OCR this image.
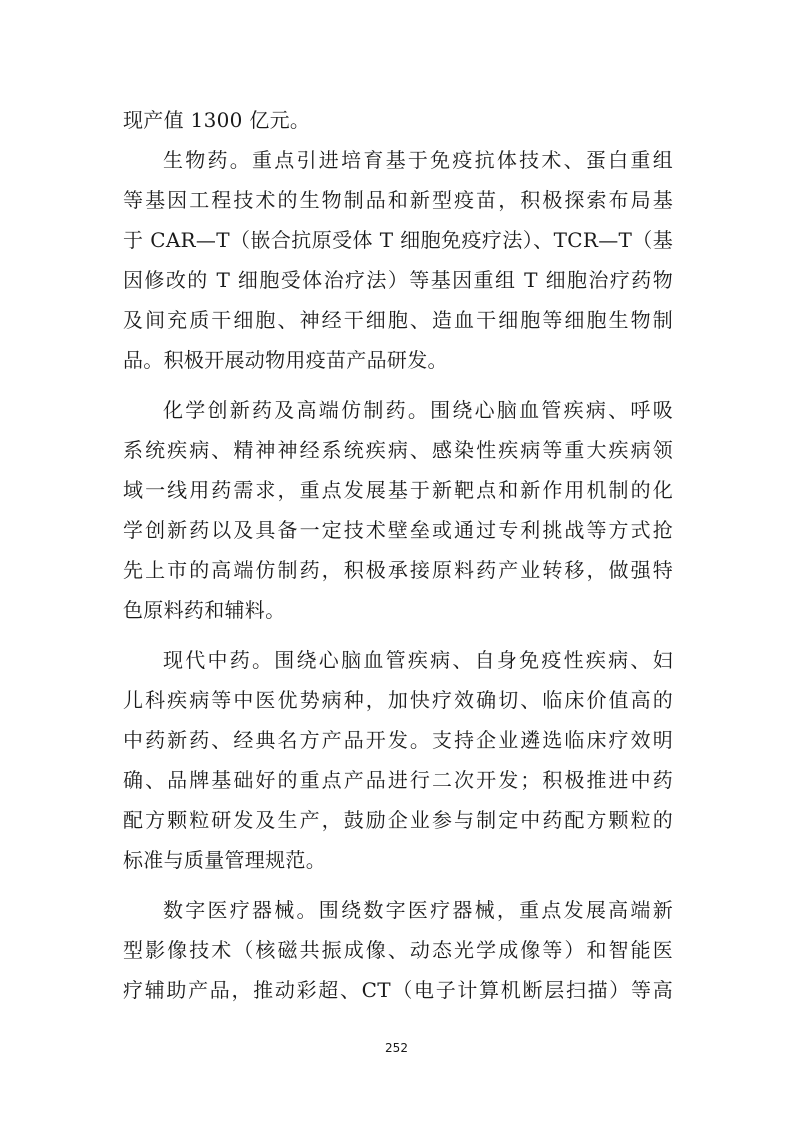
现产值 1300 亿元。
生物药。重点引进培育基于免疫抗体技术、蛋白重组
等基因工程技术的生物制品和新型疫苗，积极探索布局基
于 CAR—T（嵌合抗原受体 T 细胞免疫疗法）、TCR—T（基
因修改的 T 细胞受体治疗法）等基因重组 T 细胞治疗药物
及间充质干细胞、神经干细胞、造血干细胞等细胞生物制
品。积极开展动物用疫苗产品研发。
化学创新药及高端仿制药。围绕心脑血管疾病、呼吸
系统疾病、精神神经系统疾病、感染性疾病等重大疾病领
域一线用药需求，重点发展基于新靶点和新作用机制的化
学创新药以及具备一定技术壁垒或通过专利挑战等方式抢
先上市的高端仿制药，积极承接原料药产业转移，做强特
色原料药和辅料。
现代中药。围绕心脑血管疾病、自身免疫性疾病、妇
儿科疾病等中医优势病种，加快疗效确切、临床价值高的
中药新药、经典名方产品开发。支持企业遴选临床疗效明
确、品牌基础好的重点产品进行二次开发；积极推进中药
配方颗粒研发及生产，鼓励企业参与制定中药配方颗粒的
标准与质量管理规范。
数字医疗器械。围绕数字医疗器械，重点发展高端新
型影像技术（核磁共振成像、动态光学成像等）和智能医
疗辅助产品，推动彩超、CT（电子计算机断层扫描）等高
252
